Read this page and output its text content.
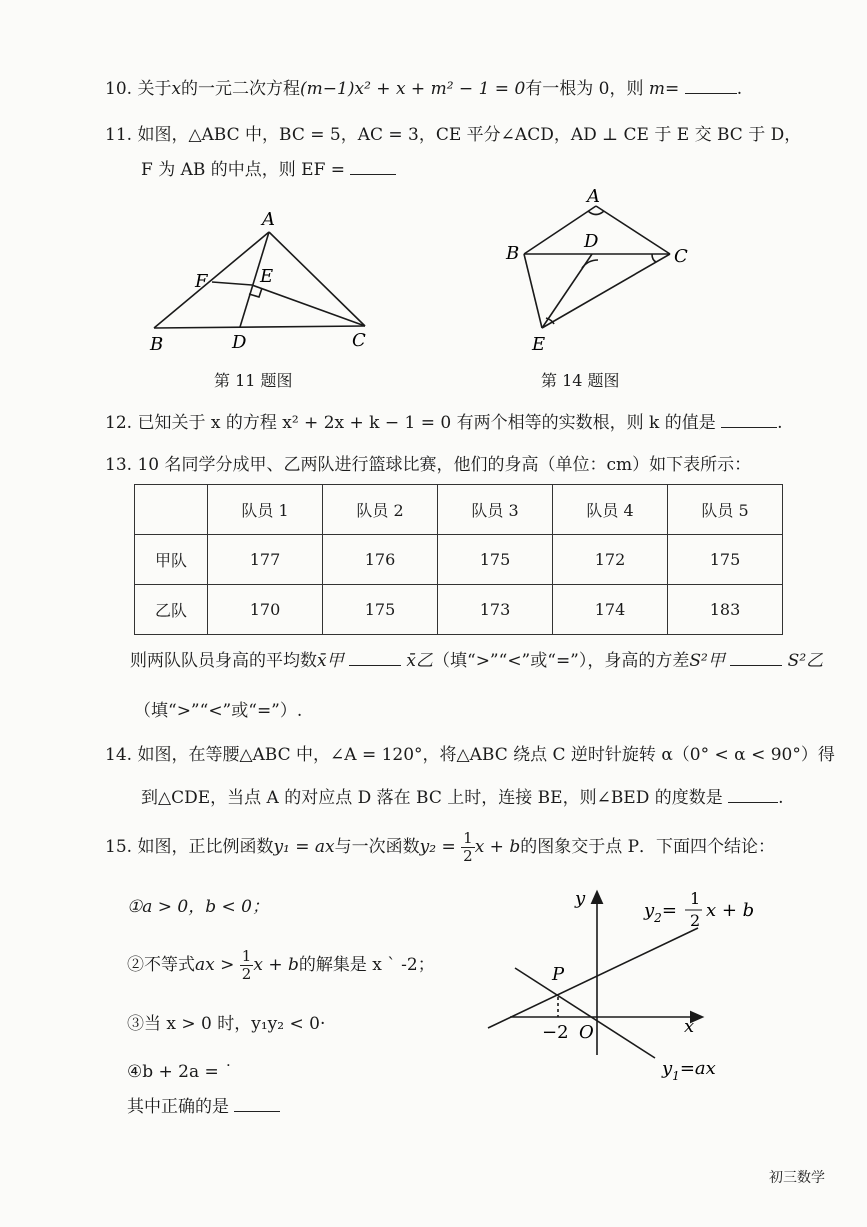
10. 关于x的一元二次方程(m−1)x² + x + m² − 1 = 0有一根为 0，则 m=	.
11. 如图，△ABC 中，BC = 5，AC = 3，CE 平分∠ACD，AD ⊥ CE 于 E 交 BC 于 D，
F 为 AB 的中点，则 EF =
A
B	C
D
E
F
第 11 题图
A
B	C
D
E
第 14 题图
12. 已知关于 x 的方程 x² + 2x + k − 1 = 0 有两个相等的实数根，则 k 的值是	.
13. 10 名同学分成甲、乙两队进行篮球比赛，他们的身高（单位：cm）如下表所示：
	队员 1	队员 2	队员 3	队员 4	队员 5
甲队	177	176	175	172	175
乙队	170	175	173	174	183
则两队队员身高的平均数x̄甲	x̄乙（填“>”“<”或“=”），身高的方差S²甲	S²乙
（填“>”“<”或“=”）.
14. 如图，在等腰△ABC 中，∠A = 120°，将△ABC 绕点 C 逆时针旋转 α（0° < α < 90°）得
到△CDE，当点 A 的对应点 D 落在 BC 上时，连接 BE，则∠BED 的度数是	.
15. 如图，正比例函数y₁ = ax与一次函数$y_2 = \frac{1}{2}$ x + b的图象交于点 P．下面四个结论：
①a > 0，b < 0；
②不等式ax > $\frac{1}{2}$ x + b的解集是 x ˋ -2；
③当 x > 0 时，y₁y₂ < 0·
④b + 2a = ˙
其中正确的是
y
x
P
−2 O
$y_2=$
1
2 x + b
$y_1=ax$
初三数学
